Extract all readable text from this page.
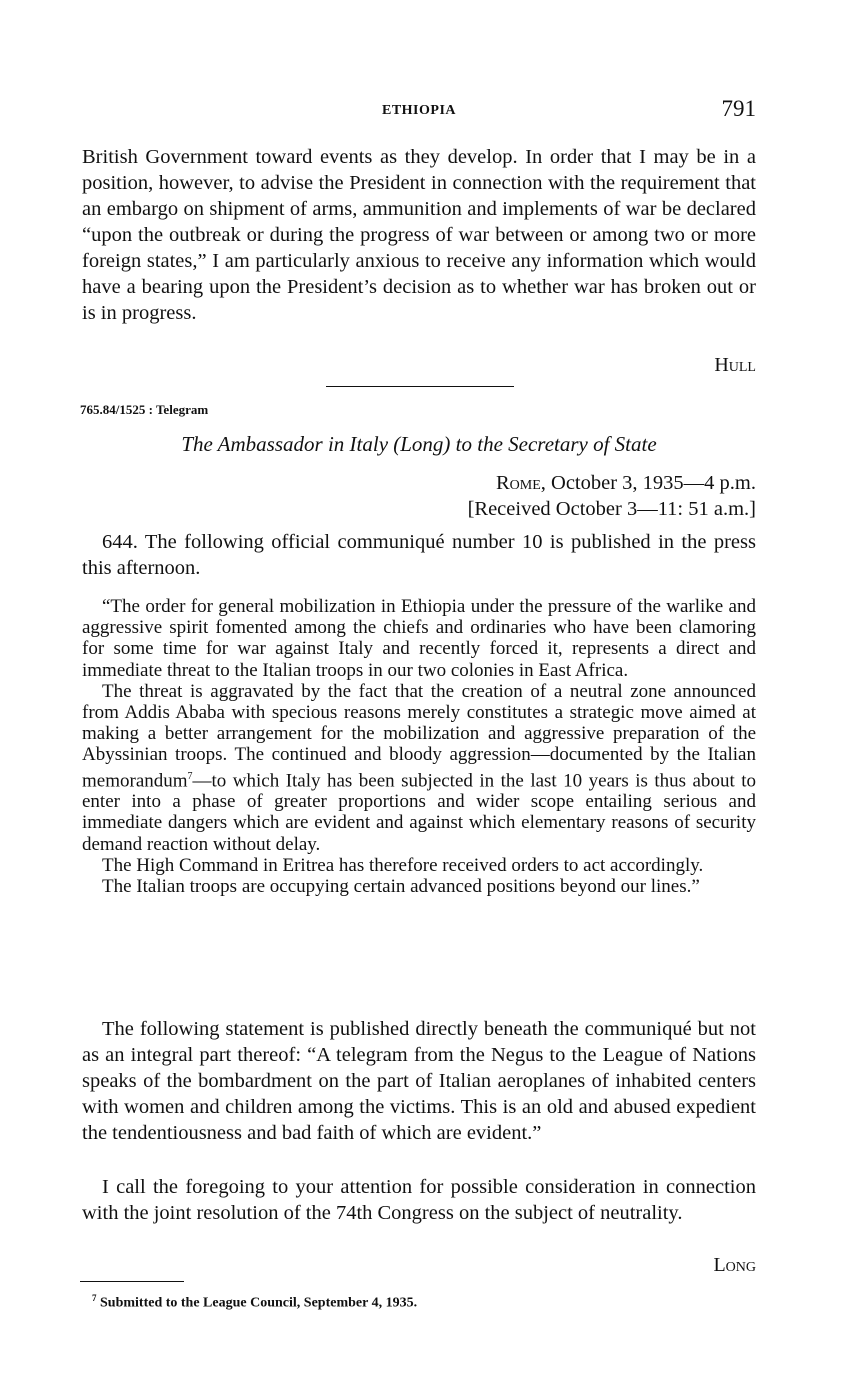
ETHIOPIA	791

British Government toward events as they develop. In order that I may be in a position, however, to advise the President in connection with the requirement that an embargo on shipment of arms, ammunition and implements of war be declared “upon the outbreak or during the progress of war between or among two or more foreign states,” I am particularly anxious to receive any information which would have a bearing upon the President’s decision as to whether war has broken out or is in progress.

Hull
765.84/1525 : Telegram
The Ambassador in Italy (Long) to the Secretary of State
Rome, October 3, 1935—4 p.m.
[Received October 3—11: 51 a.m.]

644. The following official communiqué number 10 is published in the press this afternoon.

“The order for general mobilization in Ethiopia under the pressure of the warlike and aggressive spirit fomented among the chiefs and ordinaries who have been clamoring for some time for war against Italy and recently forced it, represents a direct and immediate threat to the Italian troops in our two colonies in East Africa.

The threat is aggravated by the fact that the creation of a neutral zone announced from Addis Ababa with specious reasons merely constitutes a strategic move aimed at making a better arrangement for the mobilization and aggressive preparation of the Abyssinian troops. The continued and bloody aggression—documented by the Italian memorandum$^7$—to which Italy has been subjected in the last 10 years is thus about to enter into a phase of greater proportions and wider scope entailing serious and immediate dangers which are evident and against which elementary reasons of security demand reaction without delay.

The High Command in Eritrea has therefore received orders to act accordingly.

The Italian troops are occupying certain advanced positions beyond our lines.”

The following statement is published directly beneath the communiqué but not as an integral part thereof: “A telegram from the Negus to the League of Nations speaks of the bombardment on the part of Italian aeroplanes of inhabited centers with women and children among the victims. This is an old and abused expedient the tendentiousness and bad faith of which are evident.”

I call the foregoing to your attention for possible consideration in connection with the joint resolution of the 74th Congress on the subject of neutrality.

Long
$^7$ Submitted to the League Council, September 4, 1935.
